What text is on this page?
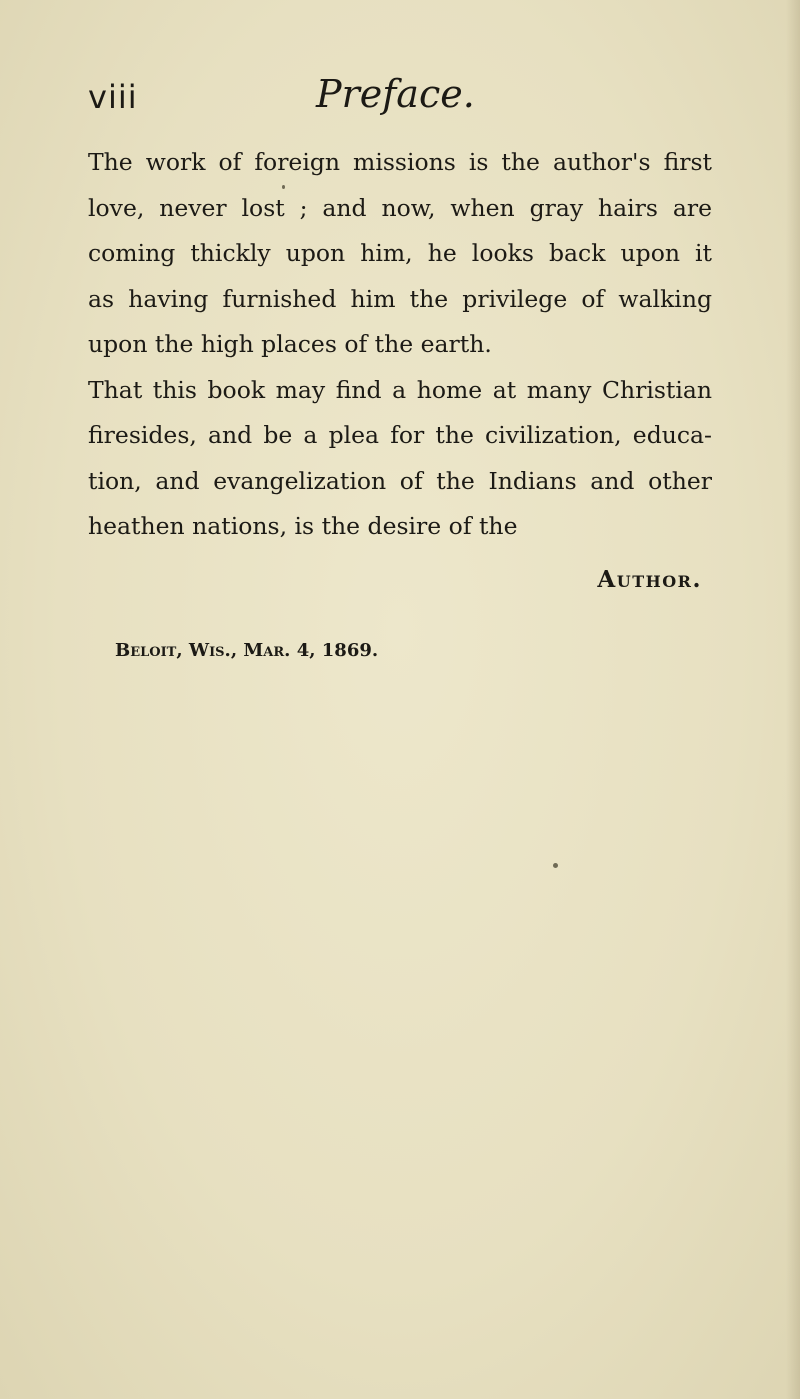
viii	Preface.
The work of foreign missions is the author's first
love, never lost ; and now, when gray hairs are
coming thickly upon him, he looks back upon it
as having furnished him the privilege of walking
upon the high places of the earth.
That this book may find a home at many Christian
firesides, and be a plea for the civilization, educa-
tion, and evangelization of the Indians and other
heathen nations, is the desire of the
Author.
Beloit, Wis., Mar. 4, 1869.
